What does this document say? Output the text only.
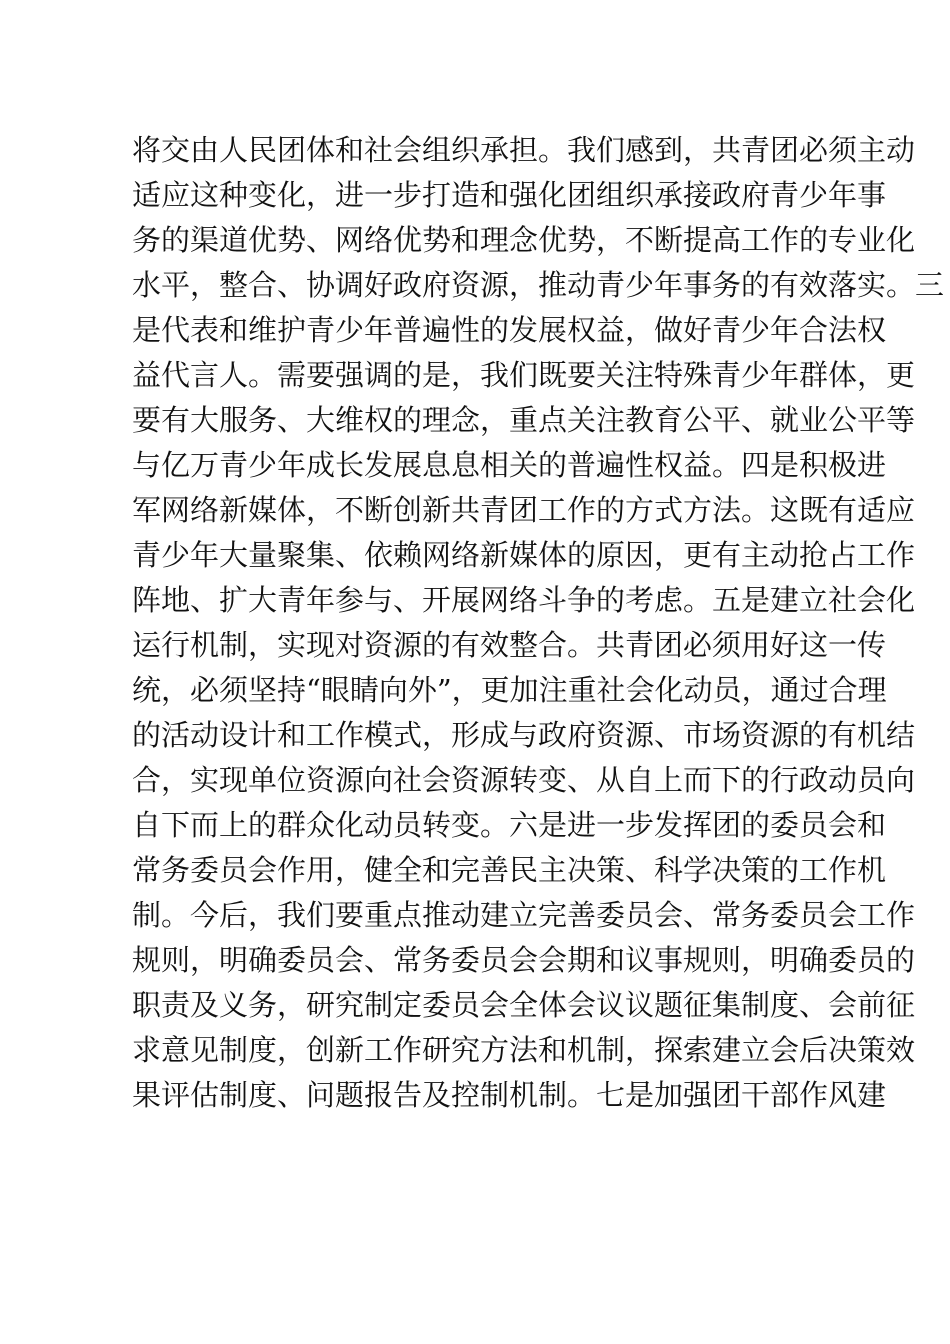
将交由人民团体和社会组织承担。我们感到，共青团必须主动
适应这种变化，进一步打造和强化团组织承接政府青少年事
务的渠道优势、网络优势和理念优势，不断提高工作的专业化
水平，整合、协调好政府资源，推动青少年事务的有效落实。三
是代表和维护青少年普遍性的发展权益，做好青少年合法权
益代言人。需要强调的是，我们既要关注特殊青少年群体，更
要有大服务、大维权的理念，重点关注教育公平、就业公平等
与亿万青少年成长发展息息相关的普遍性权益。四是积极进
军网络新媒体，不断创新共青团工作的方式方法。这既有适应
青少年大量聚集、依赖网络新媒体的原因，更有主动抢占工作
阵地、扩大青年参与、开展网络斗争的考虑。五是建立社会化
运行机制，实现对资源的有效整合。共青团必须用好这一传
统，必须坚持“眼睛向外”，更加注重社会化动员，通过合理
的活动设计和工作模式，形成与政府资源、市场资源的有机结
合，实现单位资源向社会资源转变、从自上而下的行政动员向
自下而上的群众化动员转变。六是进一步发挥团的委员会和
常务委员会作用，健全和完善民主决策、科学决策的工作机
制。今后，我们要重点推动建立完善委员会、常务委员会工作
规则，明确委员会、常务委员会会期和议事规则，明确委员的
职责及义务，研究制定委员会全体会议议题征集制度、会前征
求意见制度，创新工作研究方法和机制，探索建立会后决策效
果评估制度、问题报告及控制机制。七是加强团干部作风建
